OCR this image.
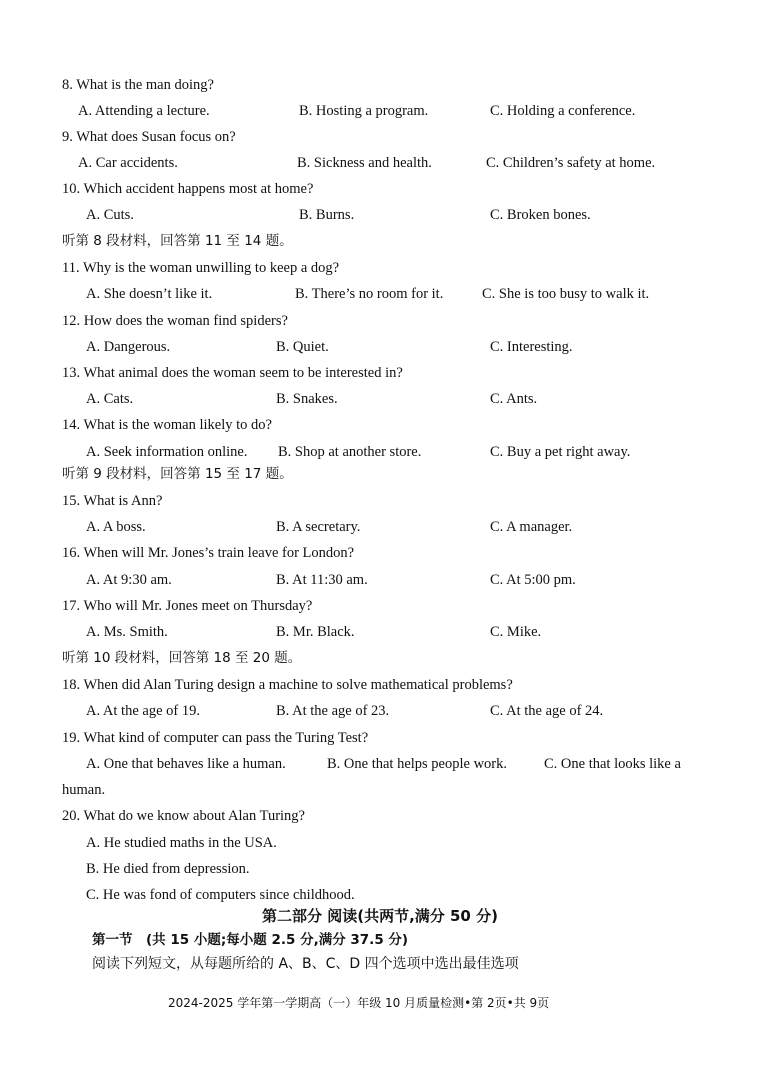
8. What is the man doing?
A. Attending a lecture.	B. Hosting a program.	C. Holding a conference.
9. What does Susan focus on?
A. Car accidents.	B. Sickness and health.	C. Children’s safety at home.
10. Which accident happens most at home?
A. Cuts.	B. Burns.	C. Broken bones.
听第 8 段材料，回答第 11 至 14 题。
11. Why is the woman unwilling to keep a dog?
A. She doesn’t like it.	B. There’s no room for it.	C. She is too busy to walk it.
12. How does the woman find spiders?
A. Dangerous.	B. Quiet.	C. Interesting.
13. What animal does the woman seem to be interested in?
A. Cats.	B. Snakes.	C. Ants.
14. What is the woman likely to do?
A. Seek information online. B. Shop at another store.	C. Buy a pet right away.
听第 9 段材料，回答第 15 至 17 题。
15. What is Ann?
A. A boss.	B. A secretary.	C. A manager.
16. When will Mr. Jones’s train leave for London?
A. At 9:30 am.	B. At 11:30 am.	C. At 5:00 pm.
17. Who will Mr. Jones meet on Thursday?
A. Ms. Smith.	B. Mr. Black.	C. Mike.
听第 10 段材料，回答第 18 至 20 题。
18. When did Alan Turing design a machine to solve mathematical problems?
A. At the age of 19.	B. At the age of 23.	C. At the age of 24.
19. What kind of computer can pass the Turing Test?
A. One that behaves like a human.	B. One that helps people work.	C. One that looks like a
human.
20. What do we know about Alan Turing?
A. He studied maths in the USA.
B. He died from depression.
C. He was fond of computers since childhood.
第二部分 阅读(共两节,满分 50 分)
第一节　(共 15 小题;每小题 2.5 分,满分 37.5 分)
阅读下列短文，从每题所给的 A、B、C、D 四个选项中选出最佳选项
2024-2025 学年第一学期高（一）年级 10 月质量检测•第 2页•共 9页
